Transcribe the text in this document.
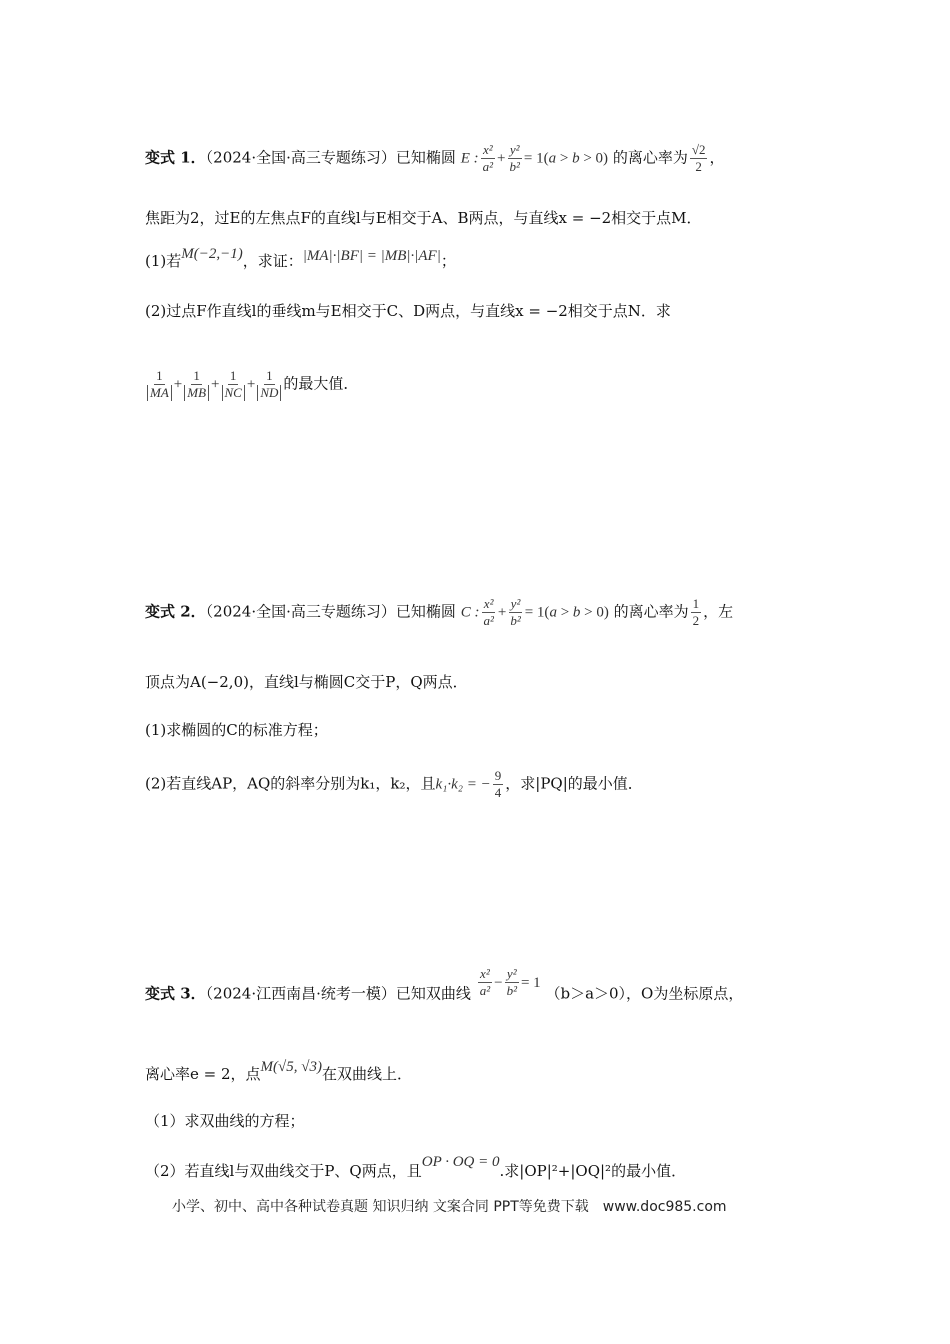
变式 1．（2024·全国·高三专题练习）已知椭圆 E : $\frac{\text{x²}}{\text{a²}} + \frac{\text{y²}}{\text{b²}} = 1(a > b > 0)$ 的离心率为 $\frac{√2}{2}$ ，
焦距为2，过E的左焦点F的直线l与E相交于A、B两点，与直线x = −2相交于点M．
(1)若M(−2,−1)，求证：|MA|·|BF| = |MB|·|AF|；
(2)过点F作直线l的垂线m与E相交于C、D两点，与直线x = −2相交于点N．求
$\frac{1}{MA} + \frac{1}{MB} + \frac{1}{NC} + \frac{1}{ND}$ 的最大值．
变式 2．（2024·全国·高三专题练习）已知椭圆 C : $\frac{\text{x²}}{\text{a²}} + \frac{\text{y²}}{\text{b²}} = 1(a > b > 0)$ 的离心率为 $\frac{1}{2}$ ，左
顶点为A(−2,0)，直线l与椭圆C交于P，Q两点．
(1)求椭圆的C的标准方程；
(2)若直线AP，AQ的斜率分别为k₁，k₂，且k₁·k₂ = − $\frac{9}{4}$ ，求|PQ|的最小值．
变式 3．（2024·江西南昌·统考一模）已知双曲线 $\frac{\text{x²}}{\text{a²}} - \frac{\text{y²}}{\text{b²}} = 1$ （b＞a＞0），O为坐标原点，
离心率e = 2，点M(√5, √3)在双曲线上．
（1）求双曲线的方程；
（2）若直线l与双曲线交于P、Q两点，且OP · OQ = 0.求|OP|²+|OQ|²的最小值．
小学、初中、高中各种试卷真题 知识归纳 文案合同 PPT等免费下载　www.doc985.com
